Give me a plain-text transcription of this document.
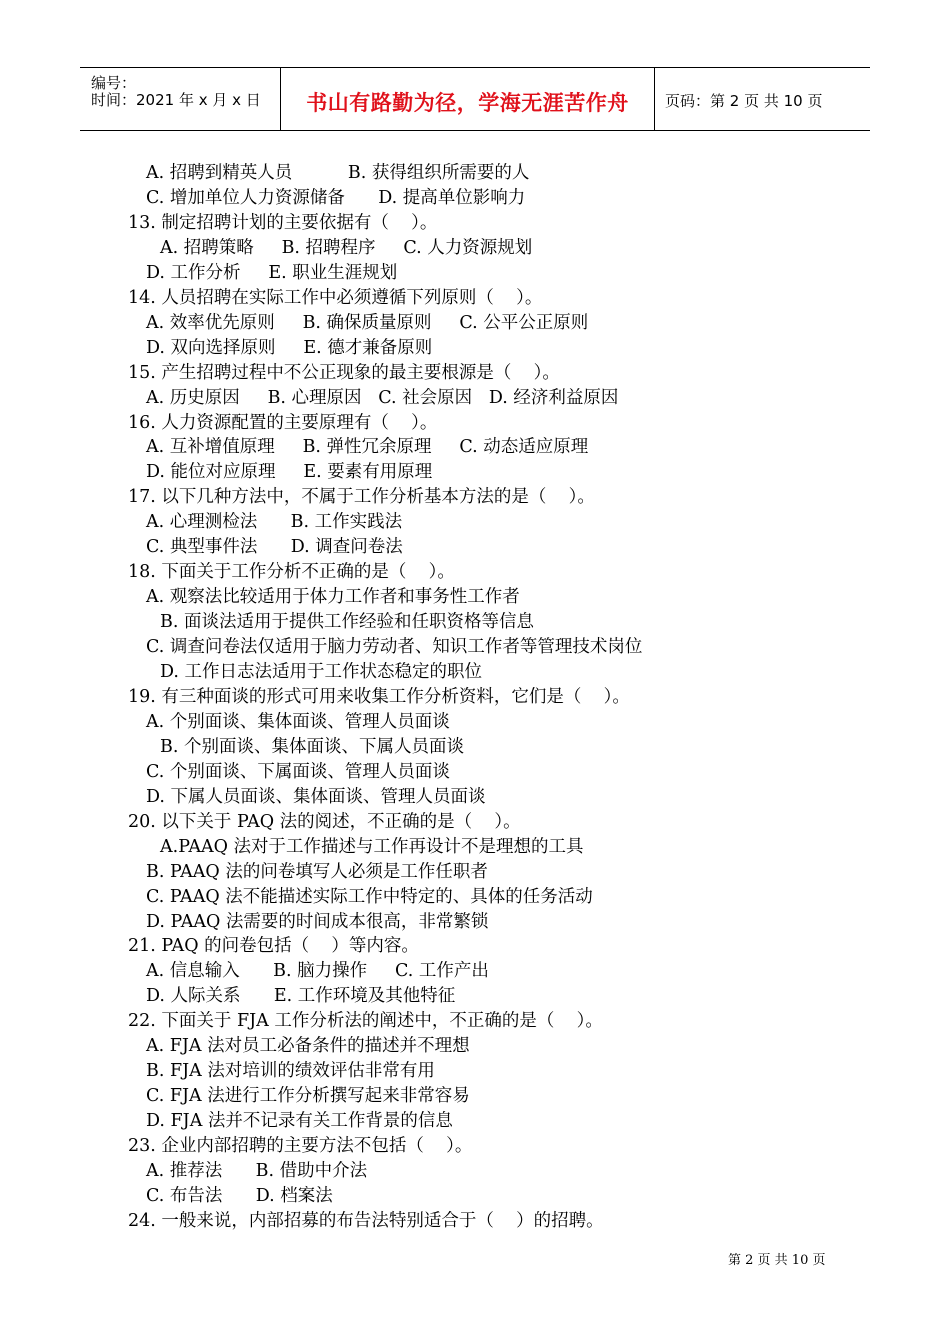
编号：
时间：2021 年 x 月 x 日	书山有路勤为径，学海无涯苦作舟	页码：第 2 页 共 10 页
A. 招聘到精英人员          B. 获得组织所需要的人
C. 增加单位人力资源储备      D. 提高单位影响力
13. 制定招聘计划的主要依据有（    ）。
A. 招聘策略     B. 招聘程序     C. 人力资源规划
D. 工作分析     E. 职业生涯规划
14. 人员招聘在实际工作中必须遵循下列原则（    ）。
A. 效率优先原则     B. 确保质量原则     C. 公平公正原则
D. 双向选择原则     E. 德才兼备原则
15. 产生招聘过程中不公正现象的最主要根源是（    ）。
A. 历史原因     B. 心理原因   C. 社会原因   D. 经济利益原因
16. 人力资源配置的主要原理有（    ）。
A. 互补增值原理     B. 弹性冗余原理     C. 动态适应原理
D. 能位对应原理     E. 要素有用原理
17. 以下几种方法中，不属于工作分析基本方法的是（    ）。
A. 心理测检法      B. 工作实践法
C. 典型事件法      D. 调查问卷法
18. 下面关于工作分析不正确的是（    ）。
A. 观察法比较适用于体力工作者和事务性工作者
B. 面谈法适用于提供工作经验和任职资格等信息
C. 调查问卷法仅适用于脑力劳动者、知识工作者等管理技术岗位
D. 工作日志法适用于工作状态稳定的职位
19. 有三种面谈的形式可用来收集工作分析资料，它们是（    ）。
A. 个别面谈、集体面谈、管理人员面谈
B. 个别面谈、集体面谈、下属人员面谈
C. 个别面谈、下属面谈、管理人员面谈
D. 下属人员面谈、集体面谈、管理人员面谈
20. 以下关于 PAQ 法的阅述，不正确的是（    ）。
A.PAAQ 法对于工作描述与工作再设计不是理想的工具
B. PAAQ 法的问卷填写人必须是工作任职者
C. PAAQ 法不能描述实际工作中特定的、具体的任务活动
D. PAAQ 法需要的时间成本很高，非常繁锁
21. PAQ 的问卷包括（    ）等内容。
A. 信息输入      B. 脑力操作     C. 工作产出
D. 人际关系      E. 工作环境及其他特征
22. 下面关于 FJA 工作分析法的阐述中，不正确的是（    ）。
A. FJA 法对员工必备条件的描述并不理想
B. FJA 法对培训的绩效评估非常有用
C. FJA 法进行工作分析撰写起来非常容易
D. FJA 法并不记录有关工作背景的信息
23. 企业内部招聘的主要方法不包括（    ）。
A. 推荐法      B. 借助中介法
C. 布告法      D. 档案法
24. 一般来说，内部招募的布告法特别适合于（    ）的招聘。
第 2 页 共 10 页
